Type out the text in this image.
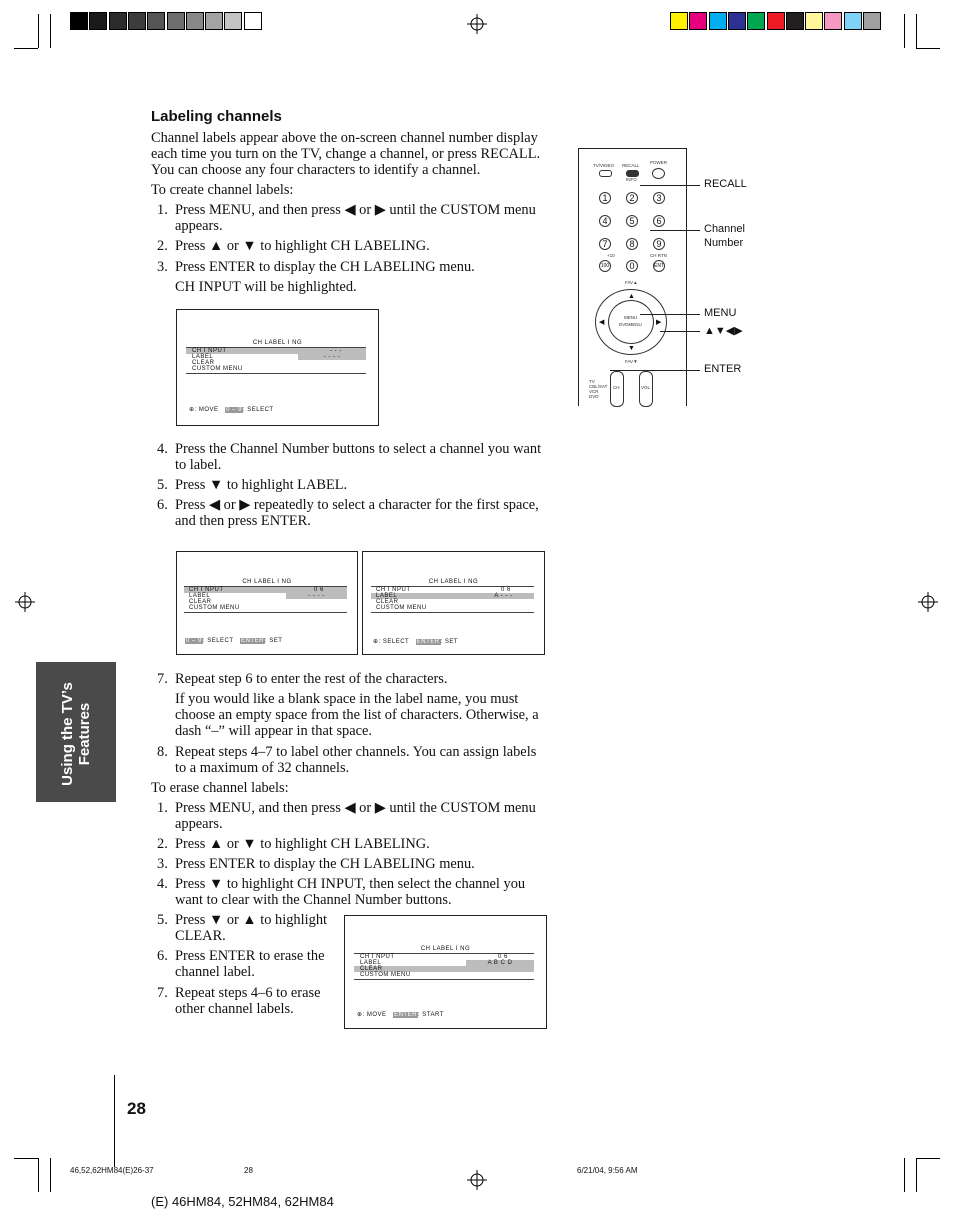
Labeling channels
Channel labels appear above the on-screen channel number display each time you turn on the TV, change a channel, or press RECALL. You can choose any four characters to identify a channel.
To create channel labels:
1. Press MENU, and then press ◀ or ▶ until the CUSTOM menu appears.
2. Press ▲ or ▼ to highlight CH LABELING.
3. Press ENTER to display the CH LABELING menu.
CH INPUT will be highlighted.
CH LABEL I NG
CH I NPUT	- - -
LABEL	- - - -
CLEAR
CUSTOM MENU
⊕: MOVE 0 – 9: SELECT
4. Press the Channel Number buttons to select a channel you want to label.
5. Press ▼ to highlight LABEL.
6. Press ◀ or ▶ repeatedly to select a character for the first space, and then press ENTER.
CH LABEL I NG
CH I NPUT	0 6
LABEL	- - - -
CLEAR
CUSTOM MENU
0 – 9: SELECT ENTER: SET
CH LABEL I NG
CH I NPUT	0 6
LABEL	A - - -
CLEAR
CUSTOM MENU
⊕: SELECT ENTER: SET
7. Repeat step 6 to enter the rest of the characters.
If you would like a blank space in the label name, you must choose an empty space from the list of characters. Otherwise, a dash “–” will appear in that space.
8. Repeat steps 4–7 to label other channels. You can assign labels to a maximum of 32 channels.
To erase channel labels:
1. Press MENU, and then press ◀ or ▶ until the CUSTOM menu appears.
2. Press ▲ or ▼ to highlight CH LABELING.
3. Press ENTER to display the CH LABELING menu.
4. Press ▼ to highlight CH INPUT, then select the channel you want to clear with the Channel Number buttons.
5. Press ▼ or ▲ to highlight CLEAR.
6. Press ENTER to erase the channel label.
7. Repeat steps 4–6 to erase other channel labels.
CH LABEL I NG
CH I NPUT	0 6
LABEL	A B C D
CLEAR
CUSTOM MENU
⊕: MOVE ENTER: START
TV/VIDEO RECALL
POWER
INFO
1	2	3
4	5	6
7	8	9
+10	CH RTN
100	0	ENT
FAV▲
▲
▼
◀	▶
MENU
DVDMENU
FAV▼
CH	VOL
TV
CBL/SAT
VCR
DVD
RECALL
Channel
Number
MENU
▲▼◀▶
ENTER
Using the TV’s Features
28
46,52,62HM84(E)26-37	28	6/21/04, 9:56 AM
(E) 46HM84, 52HM84, 62HM84
